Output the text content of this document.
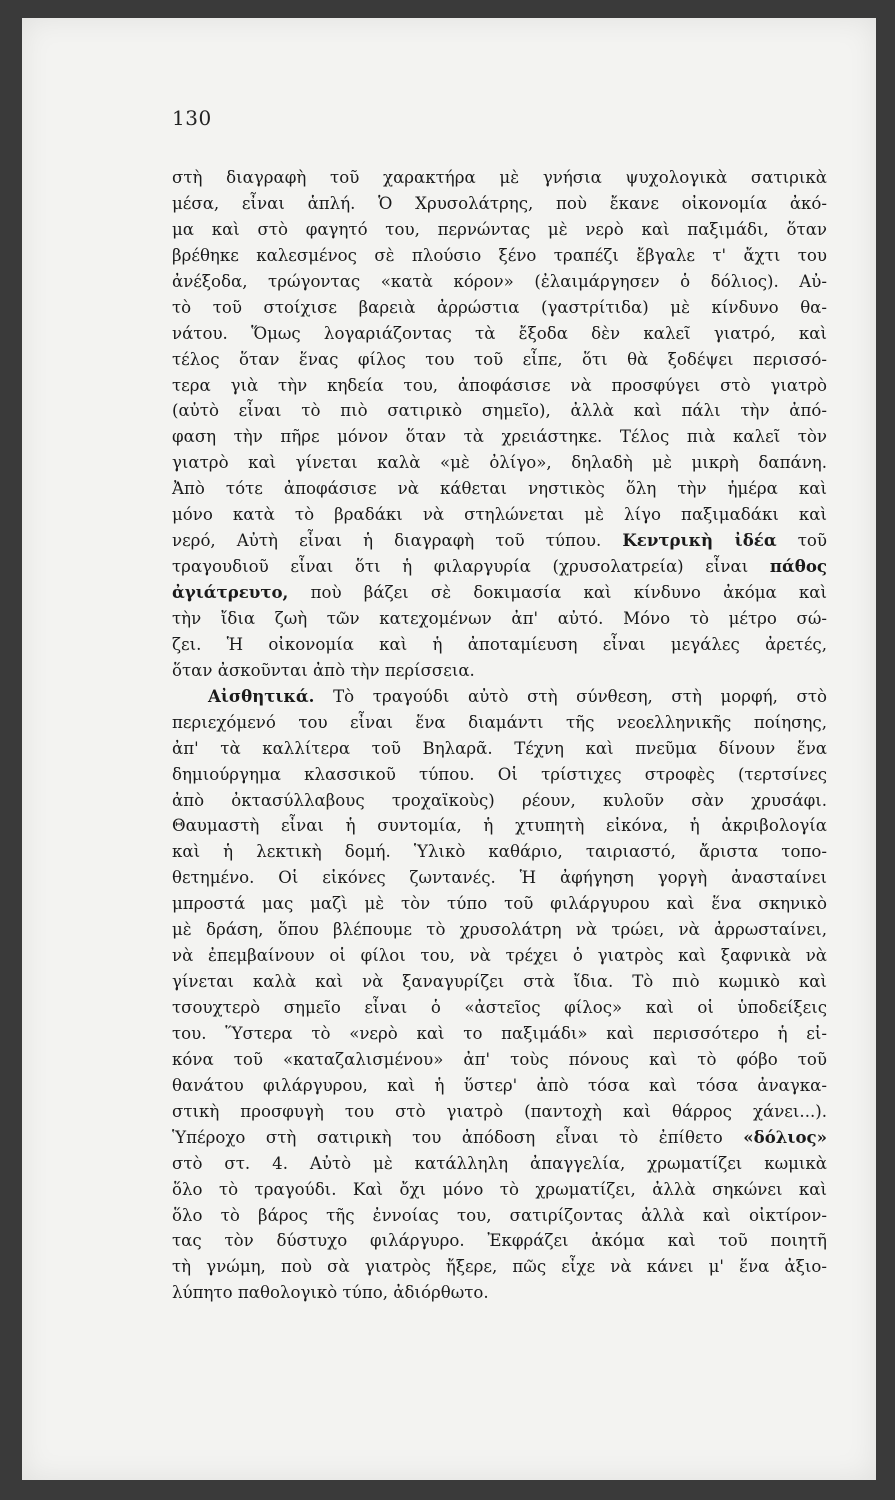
130
στὴ διαγραφὴ τοῦ χαρακτήρα μὲ γνήσια ψυχολογικὰ σατιρικὰ
μέσα, εἶναι ἁπλή. Ὁ Χρυσολάτρης, ποὺ ἔκανε οἰκονομία ἀκό-
μα καὶ στὸ φαγητό του, περνώντας μὲ νερὸ καὶ παξιμάδι, ὅταν
βρέθηκε καλεσμένος σὲ πλούσιο ξένο τραπέζι ἔβγαλε τ' ἄχτι του
ἀνέξοδα, τρώγοντας «κατὰ κόρον» (ἐλαιμάργησεν ὁ δόλιος). Αὐ-
τὸ τοῦ στοίχισε βαρειὰ ἀρρώστια (γαστρίτιδα) μὲ κίνδυνο θα-
νάτου. Ὅμως λογαριάζοντας τὰ ἔξοδα δὲν καλεῖ γιατρό, καὶ
τέλος ὅταν ἕνας φίλος του τοῦ εἶπε, ὅτι θὰ ξοδέψει περισσό-
τερα γιὰ τὴν κηδεία του, ἀποφάσισε νὰ προσφύγει στὸ γιατρὸ
(αὐτὸ εἶναι τὸ πιὸ σατιρικὸ σημεῖο), ἀλλὰ καὶ πάλι τὴν ἀπό-
φαση τὴν πῆρε μόνον ὅταν τὰ χρειάστηκε. Τέλος πιὰ καλεῖ τὸν
γιατρὸ καὶ γίνεται καλὰ «μὲ ὀλίγο», δηλαδὴ μὲ μικρὴ δαπάνη.
Ἀπὸ τότε ἀποφάσισε νὰ κάθεται νηστικὸς ὅλη τὴν ἡμέρα καὶ
μόνο κατὰ τὸ βραδάκι νὰ στηλώνεται μὲ λίγο παξιμαδάκι καὶ
νερό, Αὐτὴ εἶναι ἡ διαγραφὴ τοῦ τύπου. Κεντρικὴ ἰδέα τοῦ
τραγουδιοῦ εἶναι ὅτι ἡ φιλαργυρία (χρυσολατρεία) εἶναι πάθος
ἀγιάτρευτο, ποὺ βάζει σὲ δοκιμασία καὶ κίνδυνο ἀκόμα καὶ
τὴν ἴδια ζωὴ τῶν κατεχομένων ἀπ' αὐτό. Μόνο τὸ μέτρο σώ-
ζει. Ἡ οἰκονομία καὶ ἡ ἀποταμίευση εἶναι μεγάλες ἀρετές,
ὅταν ἀσκοῦνται ἀπὸ τὴν περίσσεια.
Αἰσθητικά. Τὸ τραγούδι αὐτὸ στὴ σύνθεση, στὴ μορφή, στὸ
περιεχόμενό του εἶναι ἕνα διαμάντι τῆς νεοελληνικῆς ποίησης,
ἀπ' τὰ καλλίτερα τοῦ Βηλαρᾶ. Τέχνη καὶ πνεῦμα δίνουν ἕνα
δημιούργημα κλασσικοῦ τύπου. Οἱ τρίστιχες στροφὲς (τερτσίνες
ἀπὸ ὀκτασύλλαβους τροχαϊκοὺς) ρέουν, κυλοῦν σὰν χρυσάφι.
Θαυμαστὴ εἶναι ἡ συντομία, ἡ χτυπητὴ εἰκόνα, ἡ ἀκριβολογία
καὶ ἡ λεκτικὴ δομή. Ὑλικὸ καθάριο, ταιριαστό, ἄριστα τοπο-
θετημένο. Οἱ εἰκόνες ζωντανές. Ἡ ἀφήγηση γοργὴ ἀνασταίνει
μπροστά μας μαζὶ μὲ τὸν τύπο τοῦ φιλάργυρου καὶ ἕνα σκηνικὸ
μὲ δράση, ὅπου βλέπουμε τὸ χρυσολάτρη νὰ τρώει, νὰ ἀρρωσταίνει,
νὰ ἐπεμβαίνουν οἱ φίλοι του, νὰ τρέχει ὁ γιατρὸς καὶ ξαφνικὰ νὰ
γίνεται καλὰ καὶ νὰ ξαναγυρίζει στὰ ἴδια. Τὸ πιὸ κωμικὸ καὶ
τσουχτερὸ σημεῖο εἶναι ὁ «ἀστεῖος φίλος» καὶ οἱ ὑποδείξεις
του. Ὕστερα τὸ «νερὸ καὶ το παξιμάδι» καὶ περισσότερο ἡ εἰ-
κόνα τοῦ «καταζαλισμένου» ἀπ' τοὺς πόνους καὶ τὸ φόβο τοῦ
θανάτου φιλάργυρου, καὶ ἡ ὕστερ' ἀπὸ τόσα καὶ τόσα ἀναγκα-
στικὴ προσφυγὴ του στὸ γιατρὸ (παντοχὴ καὶ θάρρος χάνει...).
Ὑπέροχο στὴ σατιρικὴ του ἀπόδοση εἶναι τὸ ἐπίθετο «δόλιος»
στὸ στ. 4. Αὐτὸ μὲ κατάλληλη ἀπαγγελία, χρωματίζει κωμικὰ
ὅλο τὸ τραγούδι. Καὶ ὄχι μόνο τὸ χρωματίζει, ἀλλὰ σηκώνει καὶ
ὅλο τὸ βάρος τῆς ἐννοίας του, σατιρίζοντας ἀλλὰ καὶ οἰκτίρον-
τας τὸν δύστυχο φιλάργυρο. Ἐκφράζει ἀκόμα καὶ τοῦ ποιητῆ
τὴ γνώμη, ποὺ σὰ γιατρὸς ἤξερε, πῶς εἶχε νὰ κάνει μ' ἕνα ἀξιο-
λύπητο παθολογικὸ τύπο, ἀδιόρθωτο.
